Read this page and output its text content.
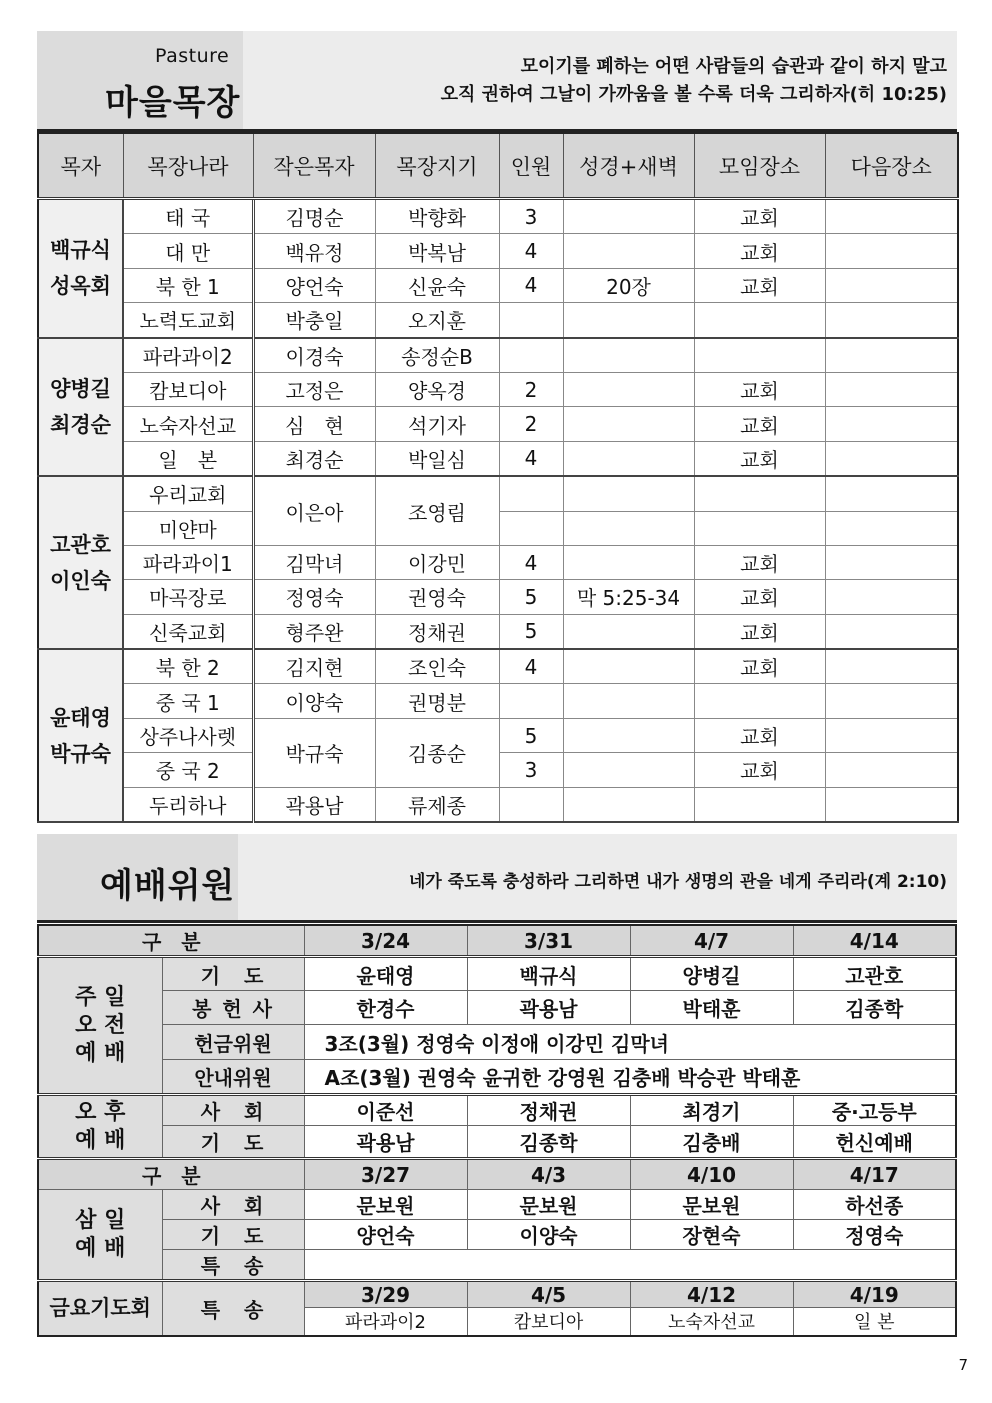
Pasture
마을목장
모이기를 폐하는 어떤 사람들의 습관과 같이 하지 말고
오직 권하여 그날이 가까움을 볼 수록 더욱 그리하자(히 10:25)
목자	목장나라	작은목자	목장지기	인원	성경+새벽	모임장소	다음장소
백규식
성옥회	태 국	김명순	박향화	3		교회	
	대 만	백유정	박복남	4		교회	
	북 한 1	양언숙	신윤숙	4	20장	교회	
	노력도교회	박충일	오지훈				
양병길
최경순	파라과이2	이경숙	송정순B				
	캄보디아	고정은	양옥경	2		교회	
	노숙자선교	심　현	석기자	2		교회	
	일　본	최경순	박일심	4		교회	
고관호
이인숙	우리교회	이은아	조영림				
	미얀마						
	파라과이1	김막녀	이강민	4		교회	
	마곡장로	정영숙	권영숙	5	막 5:25-34	교회	
	신죽교회	형주완	정채권	5		교회	
윤태영
박규숙	북 한 2	김지현	조인숙	4		교회	
	중 국 1	이양숙	권명분				
	상주나사렛	박규숙	김종순	5		교회	
	중 국 2			3		교회	
	두리하나	곽용남	류제종				
예배위원	네가 죽도록 충성하라 그리하면 내가 생명의 관을 네게 주리라(계 2:10)
구　분		3/24	3/31	4/7	4/14
주 일
오 전
예 배	기　도	윤태영	백규식	양병길	고관호
	봉 헌 사	한경수	곽용남	박태훈	김종학
	헌금위원	3조(3월) 정영숙 이정애 이강민 김막녀			
	안내위원	A조(3월) 권영숙 윤귀한 강영원 김충배 박승관 박태훈			
오 후
예 배	사　회	이준선	정채권	최경기	중·고등부
	기　도	곽용남	김종학	김충배	헌신예배
구　분		3/27	4/3	4/10	4/17
삼 일
예 배	사　회	문보원	문보원	문보원	하선종
	기　도	양언숙	이양숙	장현숙	정영숙
	특　송				
금요기도회	특　송	3/29	4/5	4/12	4/19
		파라과이2	캄보디아	노숙자선교	일 본
7
